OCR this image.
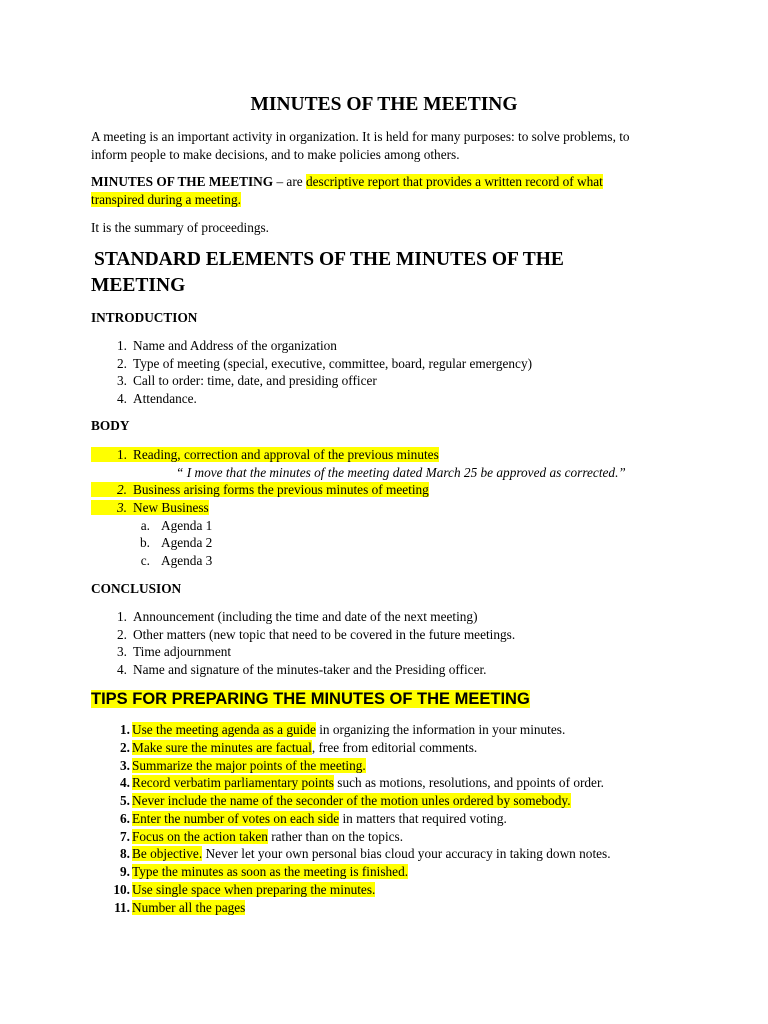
MINUTES OF THE MEETING
A meeting is an important activity in organization. It is held for many purposes: to solve problems, to
inform people to make decisions, and to make policies among others.
MINUTES OF THE MEETING – are descriptive report that provides a written record of what
transpired during a meeting.
It is the summary of proceedings.
STANDARD ELEMENTS OF THE MINUTES OF THE
MEETING
INTRODUCTION
1. Name and Address of the organization
2. Type of meeting (special, executive, committee, board, regular emergency)
3. Call to order: time, date, and presiding officer
4. Attendance.
BODY
1. Reading, correction and approval of the previous minutes
“ I move that the minutes of the meeting dated March 25 be approved as corrected.”
2. Business arising forms the previous minutes of meeting
3. New Business
a. Agenda 1
b. Agenda 2
c. Agenda 3
CONCLUSION
1. Announcement (including the time and date of the next meeting)
2. Other matters (new topic that need to be covered in the future meetings.
3. Time adjournment
4. Name and signature of the minutes-taker and the Presiding officer.
TIPS FOR PREPARING THE MINUTES OF THE MEETING
1. Use the meeting agenda as a guide in organizing the information in your minutes.
2. Make sure the minutes are factual, free from editorial comments.
3. Summarize the major points of the meeting.
4. Record verbatim parliamentary points such as motions, resolutions, and ppoints of order.
5. Never include the name of the seconder of the motion unles ordered by somebody.
6. Enter the number of votes on each side in matters that required voting.
7. Focus on the action taken rather than on the topics.
8. Be objective. Never let your own personal bias cloud your accuracy in taking down notes.
9. Type the minutes as soon as the meeting is finished.
10. Use single space when preparing the minutes.
11. Number all the pages
